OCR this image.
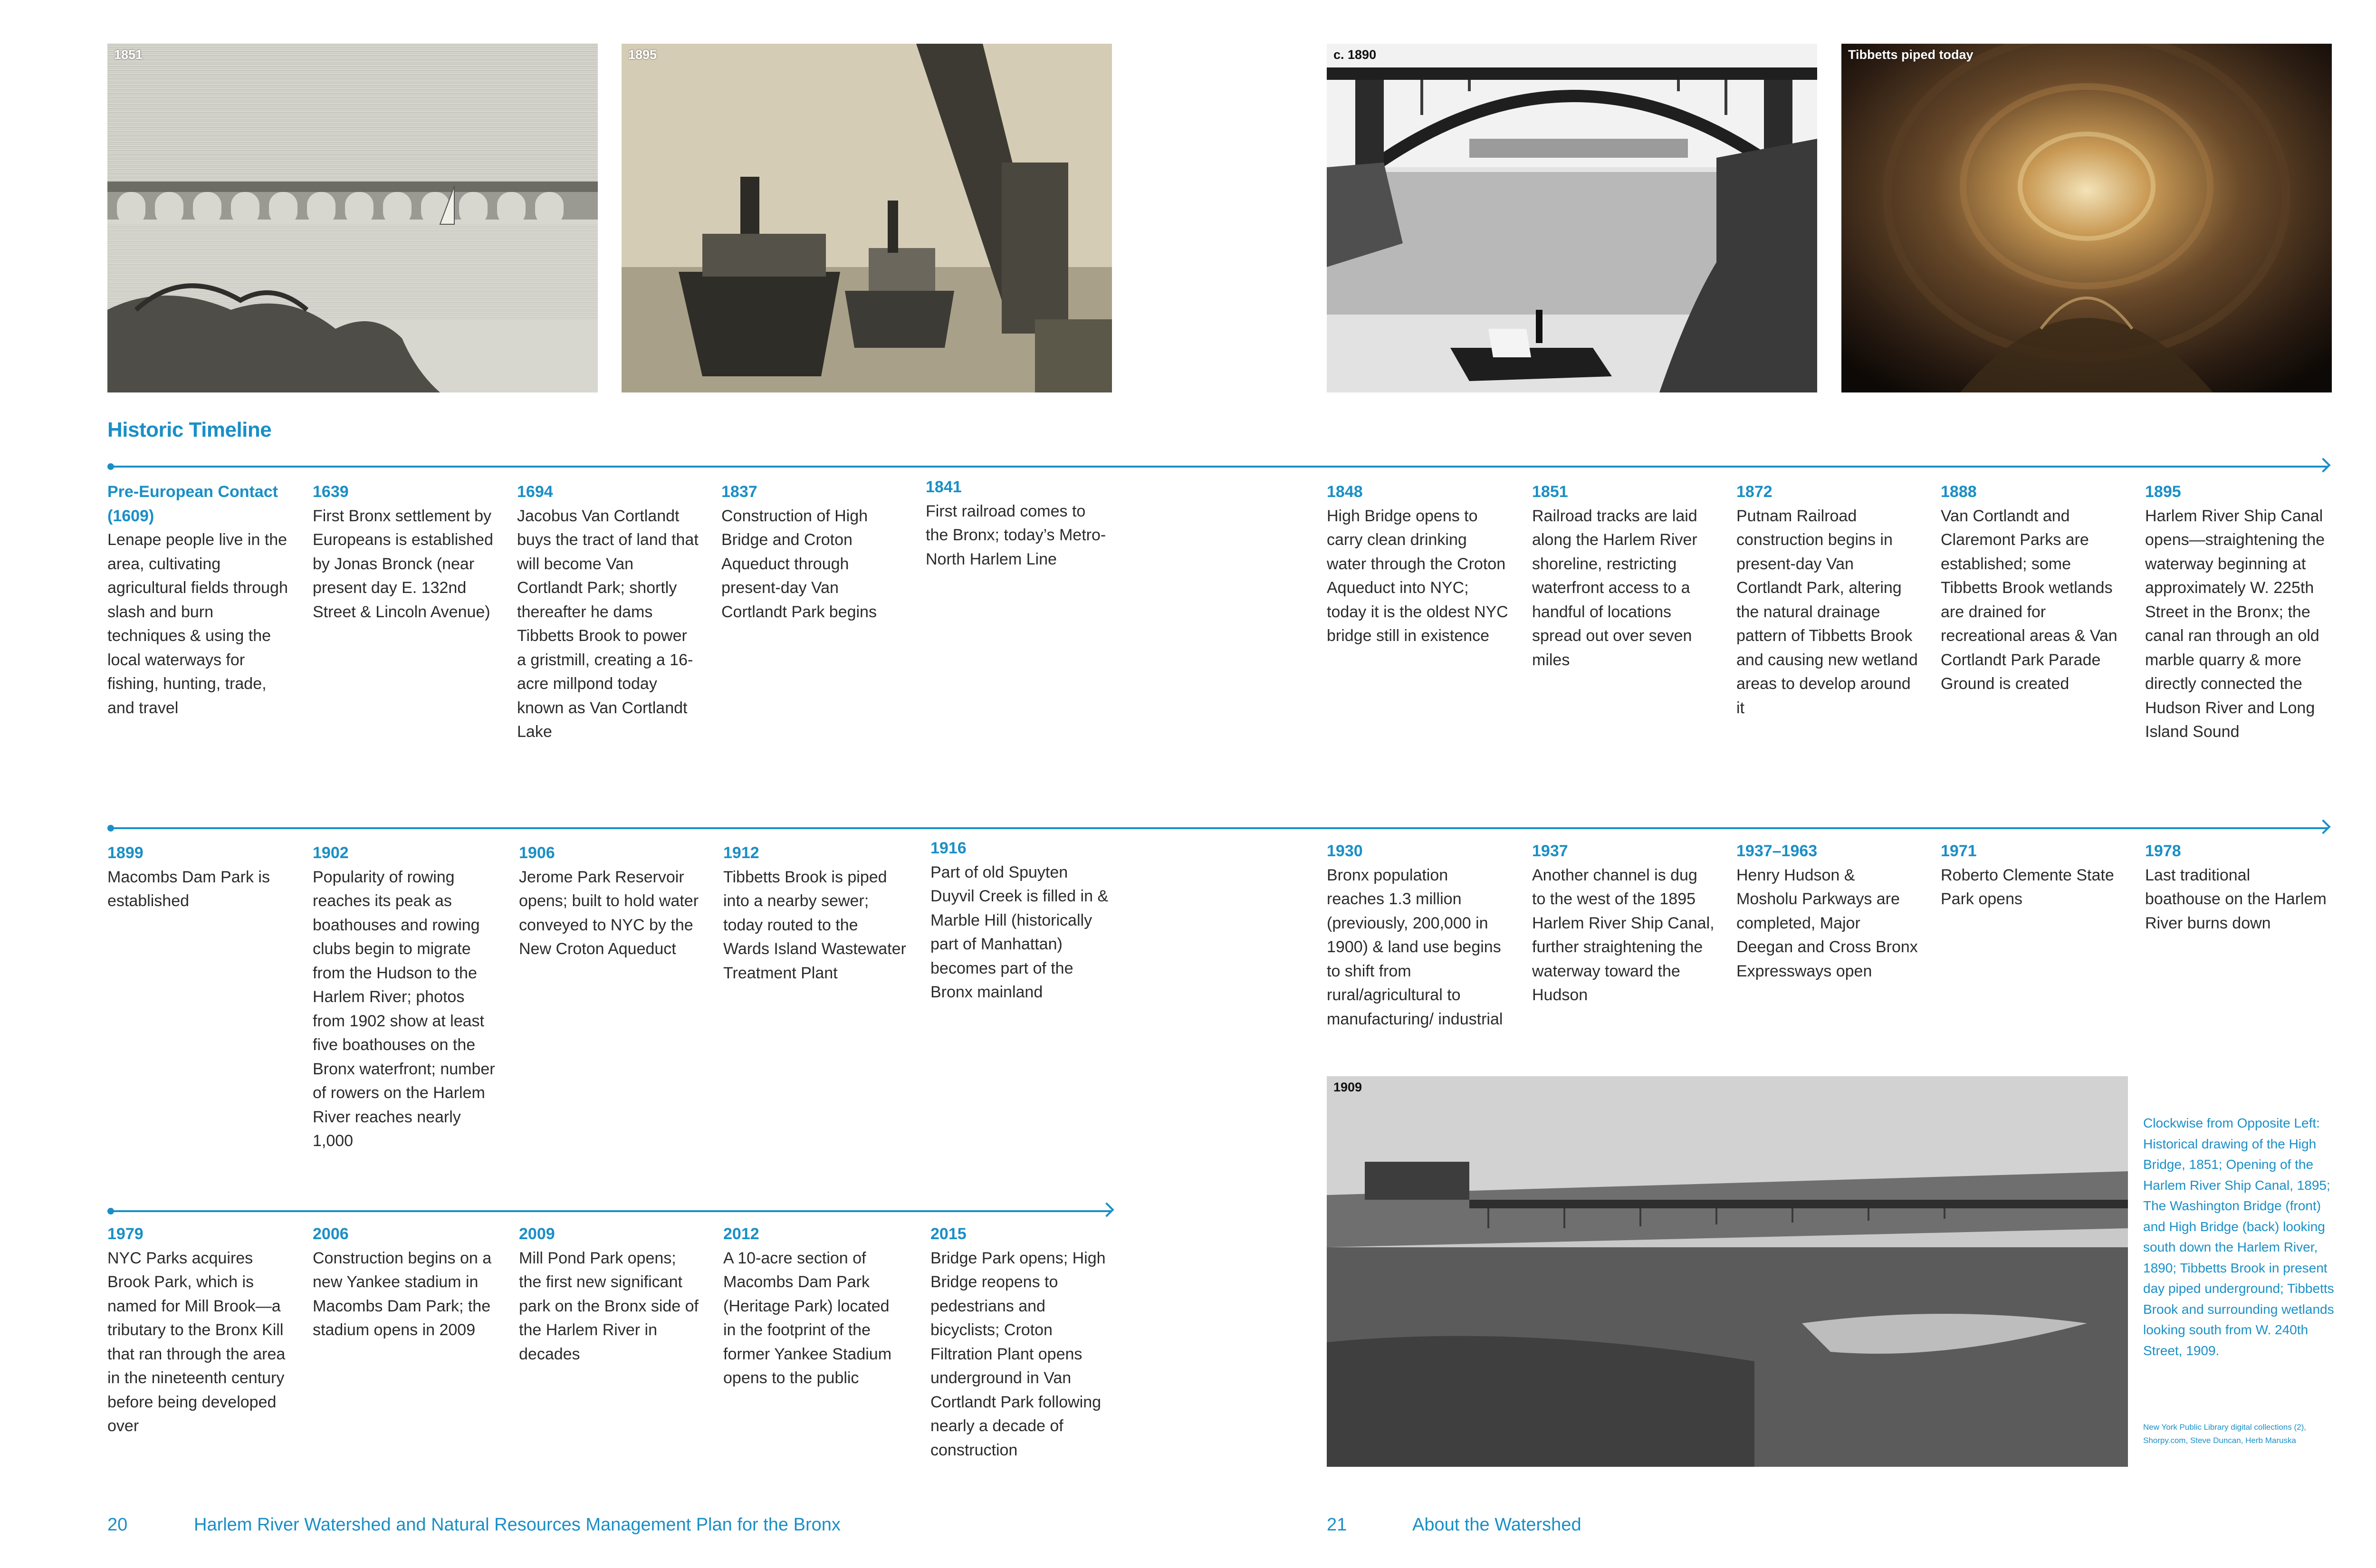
1851	1895	c. 1890	Tibbetts piped today
1909
Historic Timeline
Pre-European Contact (1609)
Lenape people live in the area, cultivating agricultural fields through slash and burn techniques & using the local waterways for fishing, hunting, trade, and travel
1639
First Bronx settlement by Europeans is established by Jonas Bronck (near present day E. 132nd Street & Lincoln Avenue)
1694
Jacobus Van Cortlandt buys the tract of land that will become Van Cortlandt Park; shortly thereafter he dams Tibbetts Brook to power a gristmill, creating a 16-acre millpond today known as Van Cortlandt Lake
1837
Construction of High Bridge and Croton Aqueduct through present-day Van Cortlandt Park begins
1841
First railroad comes to the Bronx; today’s Metro-North Harlem Line
1848
High Bridge opens to carry clean drinking water through the Croton Aqueduct into NYC; today it is the oldest NYC bridge still in existence
1851
Railroad tracks are laid along the Harlem River shoreline, restricting waterfront access to a handful of locations spread out over seven miles
1872
Putnam Railroad construction begins in present-day Van Cortlandt Park, altering the natural drainage pattern of Tibbetts Brook and causing new wetland areas to develop around it
1888
Van Cortlandt and Claremont Parks are established; some Tibbetts Brook wetlands are drained for recreational areas & Van Cortlandt Park Parade Ground is created
1895
Harlem River Ship Canal opens—straightening the waterway beginning at approximately W. 225th Street in the Bronx; the canal ran through an old marble quarry & more directly connected the Hudson River and Long Island Sound
1899
Macombs Dam Park is established
1902
Popularity of rowing reaches its peak as boathouses and rowing clubs begin to migrate from the Hudson to the Harlem River; photos from 1902 show at least five boathouses on the Bronx waterfront; number of rowers on the Harlem River reaches nearly 1,000
1906
Jerome Park Reservoir opens; built to hold water conveyed to NYC by the New Croton Aqueduct
1912
Tibbetts Brook is piped into a nearby sewer; today routed to the Wards Island Wastewater Treatment Plant
1916
Part of old Spuyten Duyvil Creek is filled in & Marble Hill (historically part of Manhattan) becomes part of the Bronx mainland
1930
Bronx population reaches 1.3 million (previously, 200,000 in 1900) & land use begins to shift from rural/agricultural to manufacturing/ industrial
1937
Another channel is dug to the west of the 1895 Harlem River Ship Canal, further straightening the waterway toward the Hudson
1937–1963
Henry Hudson & Mosholu Parkways are completed, Major Deegan and Cross Bronx Expressways open
1971
Roberto Clemente State Park opens
1978
Last traditional boathouse on the Harlem River burns down
1979
NYC Parks acquires Brook Park, which is named for Mill Brook—a tributary to the Bronx Kill that ran through the area in the nineteenth century before being developed over
2006
Construction begins on a new Yankee stadium in Macombs Dam Park; the stadium opens in 2009
2009
Mill Pond Park opens; the first new significant park on the Bronx side of the Harlem River in decades
2012
A 10-acre section of Macombs Dam Park (Heritage Park) located in the footprint of the former Yankee Stadium opens to the public
2015
Bridge Park opens; High Bridge reopens to pedestrians and bicyclists; Croton Filtration Plant opens underground in Van Cortlandt Park following nearly a decade of construction
Clockwise from Opposite Left: Historical drawing of the High Bridge, 1851; Opening of the Harlem River Ship Canal, 1895; The Washington Bridge (front) and High Bridge (back) looking south down the Harlem River, 1890; Tibbetts Brook in present day piped underground; Tibbetts Brook and surrounding wetlands looking south from W. 240th Street, 1909.
New York Public Library digital collections (2), Shorpy.com, Steve Duncan, Herb Maruska
20	Harlem River Watershed and Natural Resources Management Plan for the Bronx	21	About the Watershed
